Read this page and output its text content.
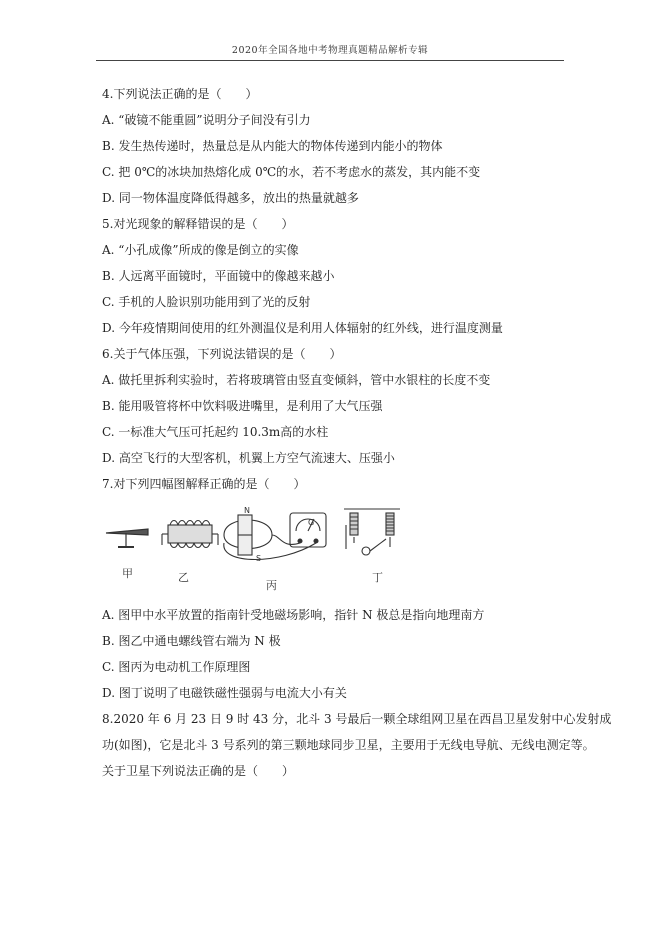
2020年全国各地中考物理真题精品解析专辑
4.下列说法正确的是（　　）
A. “破镜不能重圆”说明分子间没有引力
B. 发生热传递时，热量总是从内能大的物体传递到内能小的物体
C. 把 0℃的冰块加热熔化成 0℃的水，若不考虑水的蒸发，其内能不变
D. 同一物体温度降低得越多，放出的热量就越多
5.对光现象的解释错误的是（　　）
A. “小孔成像”所成的像是倒立的实像
B. 人远离平面镜时，平面镜中的像越来越小
C. 手机的人脸识别功能用到了光的反射
D. 今年疫情期间使用的红外测温仪是利用人体辐射的红外线，进行温度测量
6.关于气体压强，下列说法错误的是（　　）
A. 做托里拆利实验时，若将玻璃管由竖直变倾斜，管中水银柱的长度不变
B. 能用吸管将杯中饮料吸进嘴里，是利用了大气压强
C. 一标准大气压可托起约 10.3m高的水柱
D. 高空飞行的大型客机，机翼上方空气流速大、压强小
7.对下列四幅图解释正确的是（　　）
甲	乙
N
S
G
丙
丁
A. 图甲中水平放置的指南针受地磁场影响，指针 N 极总是指向地理南方
B. 图乙中通电螺线管右端为 N 极
C. 图丙为电动机工作原理图
D. 图丁说明了电磁铁磁性强弱与电流大小有关
8.2020 年 6 月 23 日 9 时 43 分，北斗 3 号最后一颗全球组网卫星在西昌卫星发射中心发射成
功(如图)，它是北斗 3 号系列的第三颗地球同步卫星，主要用于无线电导航、无线电测定等。
关于卫星下列说法正确的是（　　）
